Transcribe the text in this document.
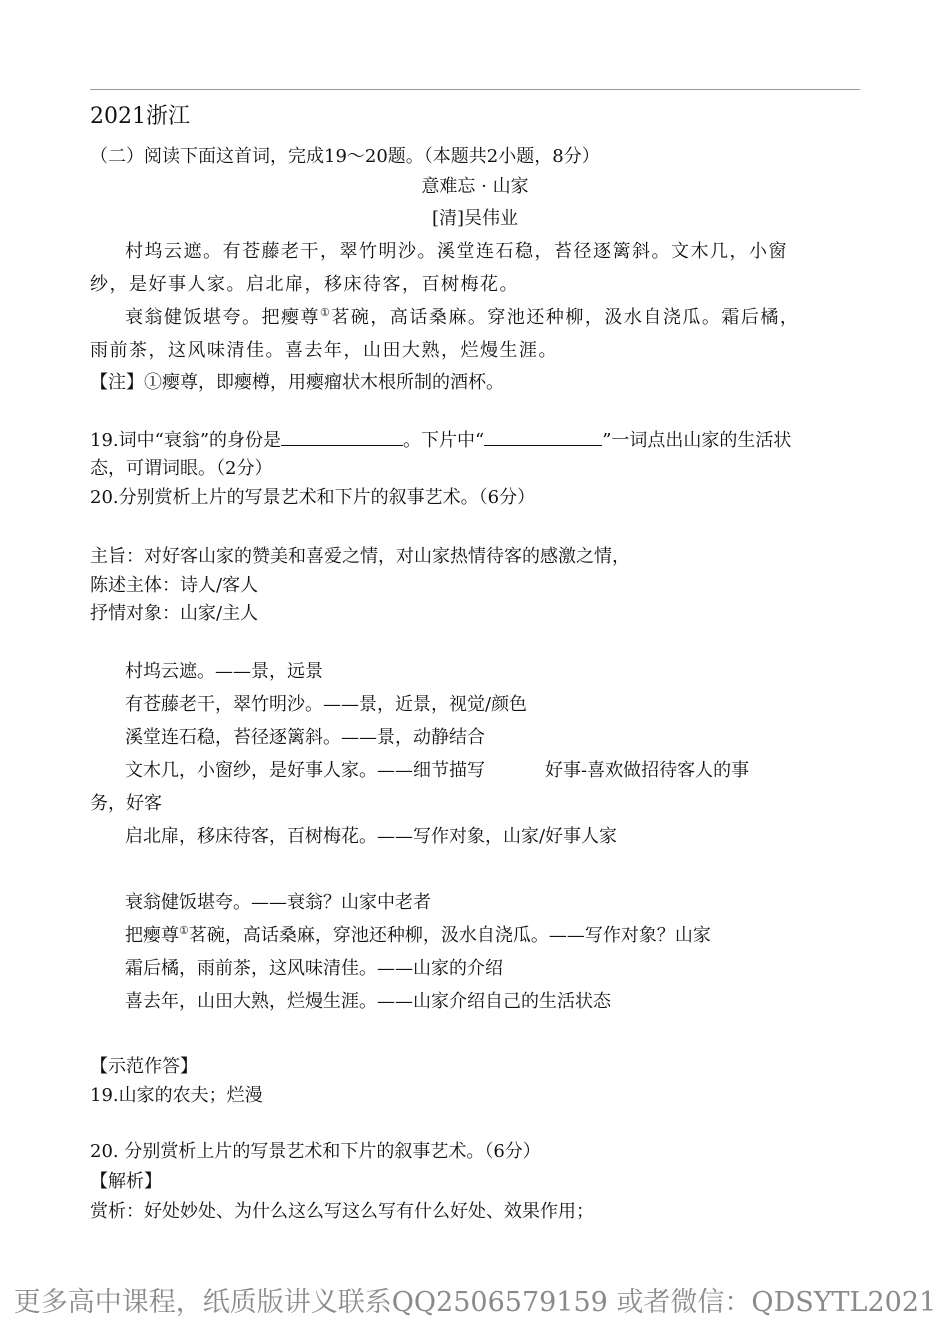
2021浙江
（二）阅读下面这首词，完成19～20题。（本题共2小题，8分）
意难忘 · 山家
[清]吴伟业
村坞云遮。有苍藤老干，翠竹明沙。溪堂连石稳，苔径逐篱斜。文木几，小窗
纱，是好事人家。启北扉，移床待客，百树梅花。
衰翁健饭堪夸。把瘿尊①茗碗，高话桑麻。穿池还种柳，汲水自浇瓜。霜后橘，
雨前茶，这风味清佳。喜去年，山田大熟，烂熳生涯。
【注】①瘿尊，即瘿樽，用瘿瘤状木根所制的酒杯。
19.词中“衰翁”的身份是	。下片中“	”一词点出山家的生活状
态，可谓词眼。（2分）
20.分别赏析上片的写景艺术和下片的叙事艺术。（6分）
主旨：对好客山家的赞美和喜爱之情，对山家热情待客的感激之情，
陈述主体：诗人/客人
抒情对象：山家/主人
村坞云遮。——景，远景
有苍藤老干，翠竹明沙。——景，近景，视觉/颜色
溪堂连石稳，苔径逐篱斜。——景，动静结合
文木几，小窗纱，是好事人家。——细节描写	好事-喜欢做招待客人的事
务，好客
启北扉，移床待客，百树梅花。——写作对象，山家/好事人家
衰翁健饭堪夸。——衰翁？山家中老者
把瘿尊①茗碗，高话桑麻，穿池还种柳，汲水自浇瓜。——写作对象？山家
霜后橘，雨前茶，这风味清佳。——山家的介绍
喜去年，山田大熟，烂熳生涯。——山家介绍自己的生活状态
【示范作答】
19.山家的农夫；烂漫
20. 分别赏析上片的写景艺术和下片的叙事艺术。（6分）
【解析】
赏析：好处妙处、为什么这么写这么写有什么好处、效果作用；
更多高中课程，纸质版讲义联系QQ2506579159 或者微信：QDSYTL2021
